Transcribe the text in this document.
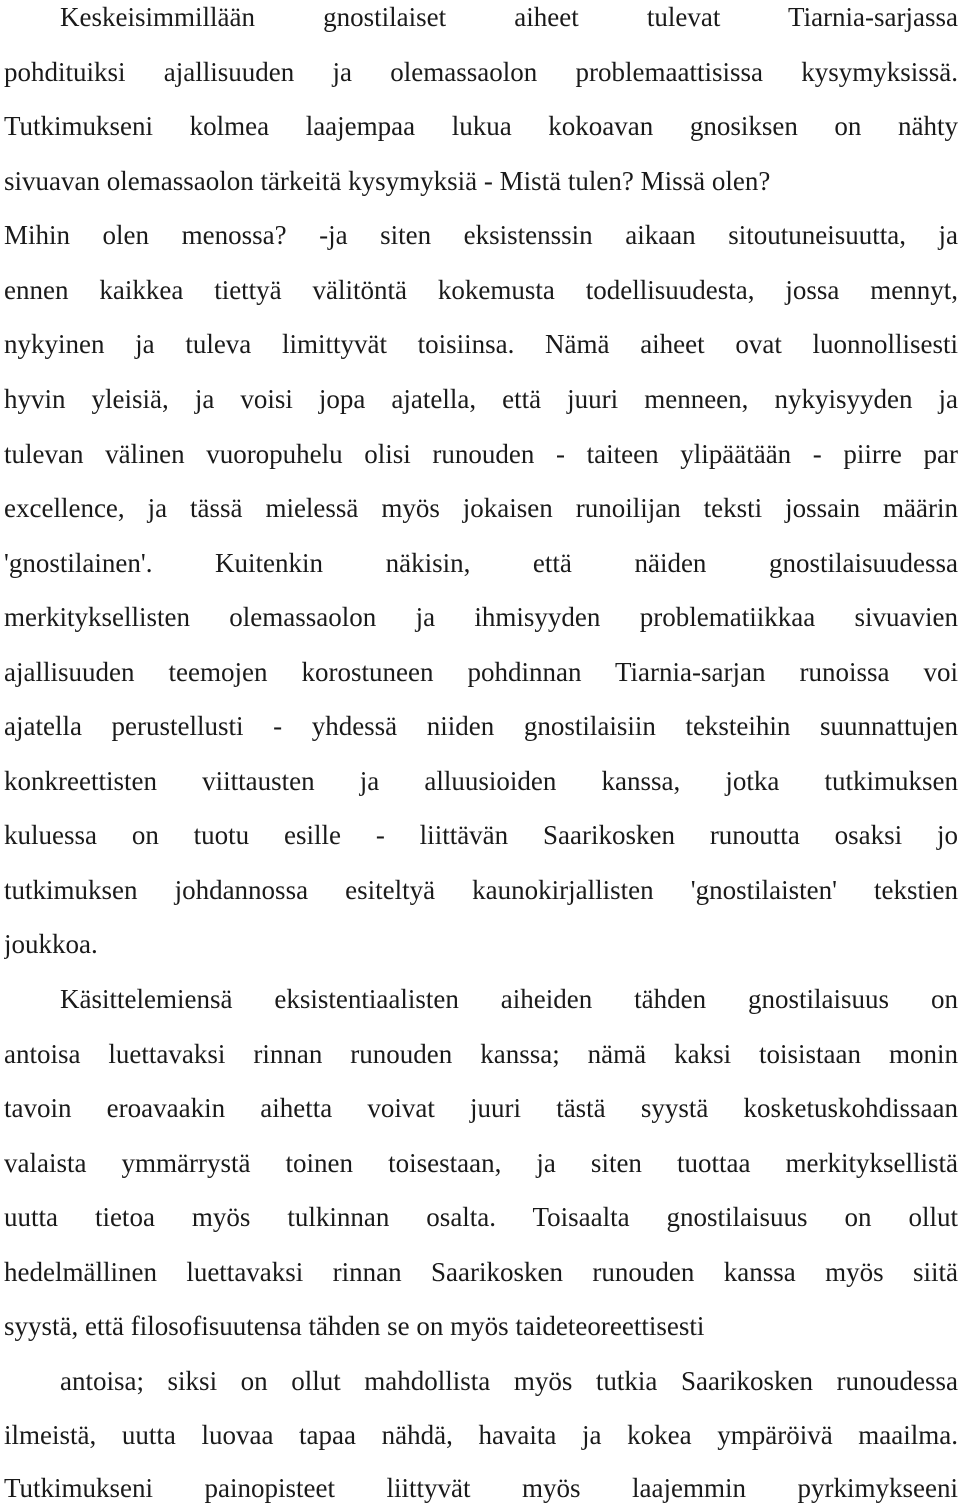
Keskeisimmillään gnostilaiset aiheet tulevat Tiarnia-sarjassa
pohdituiksi ajallisuuden ja olemassaolon problemaattisissa kysymyksissä.
Tutkimukseni kolmea laajempaa lukua kokoavan gnosiksen on nähty
sivuavan olemassaolon tärkeitä kysymyksiä - Mistä tulen? Missä olen?
Mihin olen menossa? -ja siten eksistenssin aikaan sitoutuneisuutta, ja
ennen kaikkea tiettyä välitöntä kokemusta todellisuudesta, jossa mennyt,
nykyinen ja tuleva limittyvät toisiinsa. Nämä aiheet ovat luonnollisesti
hyvin yleisiä, ja voisi jopa ajatella, että juuri menneen, nykyisyyden ja
tulevan välinen vuoropuhelu olisi runouden - taiteen ylipäätään - piirre par
excellence, ja tässä mielessä myös jokaisen runoilijan teksti jossain määrin
'gnostilainen'. Kuitenkin näkisin, että näiden gnostilaisuudessa
merkityksellisten olemassaolon ja ihmisyyden problematiikkaa sivuavien
ajallisuuden teemojen korostuneen pohdinnan Tiarnia-sarjan runoissa voi
ajatella perustellusti - yhdessä niiden gnostilaisiin teksteihin suunnattujen
konkreettisten viittausten ja alluusioiden kanssa, jotka tutkimuksen
kuluessa on tuotu esille - liittävän Saarikosken runoutta osaksi jo
tutkimuksen johdannossa esiteltyä kaunokirjallisten 'gnostilaisten' tekstien
joukkoa.
Käsittelemiensä eksistentiaalisten aiheiden tähden gnostilaisuus on
antoisa luettavaksi rinnan runouden kanssa; nämä kaksi toisistaan monin
tavoin eroavaakin aihetta voivat juuri tästä syystä kosketuskohdissaan
valaista ymmärrystä toinen toisestaan, ja siten tuottaa merkityksellistä
uutta tietoa myös tulkinnan osalta. Toisaalta gnostilaisuus on ollut
hedelmällinen luettavaksi rinnan Saarikosken runouden kanssa myös siitä
syystä, että filosofisuutensa tähden se on myös taideteoreettisesti
antoisa; siksi on ollut mahdollista myös tutkia Saarikosken runoudessa
ilmeistä, uutta luovaa tapaa nähdä, havaita ja kokea ympäröivä maailma.
Tutkimukseni painopisteet liittyvät myös laajemmin pyrkimykseeni
